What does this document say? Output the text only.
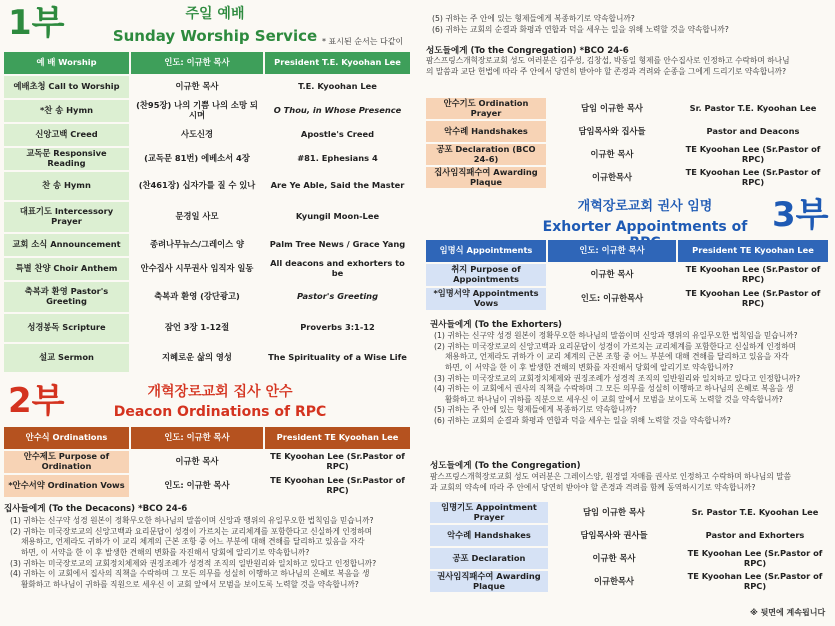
1부	주일 예배
Sunday Worship Service * 표시된 순서는 다같이
예 배 Worship	인도: 이규한 목사	President T.E. Kyoohan Lee
예배초청 Call to Worship	이규한 목사	T.E. Kyoohan Lee
*찬 송 Hymn	(찬95장) 나의 기쁨 나의 소망 되시며	O Thou, in Whose Presence
신앙고백 Creed	사도신경	Apostle's Creed
교독문 Responsive Reading	(교독문 81번) 에베소서 4장	#81. Ephesians 4
찬 송 Hymn	(찬461장) 십자가를 질 수 있나	Are Ye Able, Said the Master
대표기도 Intercessory Prayer	문경일 사모	Kyungil Moon-Lee
교회 소식 Announcement	종려나무뉴스/그레이스 양	Palm Tree News / Grace Yang
특별 찬양 Choir Anthem	안수집사 시무권사 임직자 일동	All deacons and exhorters to be
축복과 환영 Pastor's Greeting	축복과 환영 (강단광고)	Pastor's Greeting
성경봉독 Scripture	잠언 3장 1-12절	Proverbs 3:1-12
설교 Sermon	지혜로운 삶의 영성	The Spirituality of a Wise Life
2부	개혁장로교회 집사 안수
Deacon Ordinations of RPC
안수식 Ordinations	인도: 이규한 목사	President TE Kyoohan Lee
안수제도 Purpose of Ordination	이규한 목사	TE Kyoohan Lee (Sr.Pastor of RPC)
*안수서약 Ordination Vows	인도: 이규한 목사	TE Kyoohan Lee (Sr.Pastor of RPC)
집사들에게 (To the Decacons) *BCO 24-6

(1) 귀하는 신구약 성경 원본이 정확무오한 하나님의 말씀이며 신앙과 행위의 유일무오한 법칙임을 믿습니까?

(2) 귀하는 미국장로교의 신앙고백과 요리문답이 성경이 가르치는 교리체계를 포함한다고 신실하게 인정하며

채용하고, 언제라도 귀하가 이 교리 체계의 근본 조항 중 어느 부분에 대해 견해를 달리하고 있음을 자각

하면, 이 서약을 한 이 후 발생한 견해의 변화를 자진해서 당회에 알리기로 약속합니까?

(3) 귀하는 미국장로교의 교회정치체제와 권징조례가 성경적 조직의 일반원리와 일치하고 있다고 인정합니까?

(4) 귀하는 이 교회에서 집사의 직책을 수락하며 그 모든 의무를 성실히 이행하고 하나님의 은혜로 복음을 생

활화하고 하나님이 귀하를 직원으로 세우신 이 교회 앞에서 모범을 보이도록 노력할 것을 약속합니까?

(5) 귀하는 주 안에 있는 형제들에게 복종하기로 약속합니까?

(6) 귀하는 교회의 순결과 화평과 연합과 덕을 세우는 일을 위해 노력할 것을 약속합니까?

성도들에게 (To the Congregation) *BCO 24-6

팜스프링스개혁장로교회 성도 여러분은 김주성, 김창섭, 박동일 형제를 안수집사로 인정하고 수락하며 하나님

의 말씀과 교단 헌법에 따라 주 안에서 당연히 받아야 할 존경과 격려와 순종을 그에게 드리기로 약속합니까?

안수기도 Ordination Prayer	담임 이규한 목사	Sr. Pastor T.E. Kyoohan Lee
악수례 Handshakes	담임목사와 집사들	Pastor and Deacons
공포 Declaration (BCO 24-6)	이규한 목사	TE Kyoohan Lee (Sr.Pastor of RPC)
집사임직패수여 Awarding Plaque	이규한목사	TE Kyoohan Lee (Sr.Pastor of RPC)
개혁장로교회 권사 임명
Exhorter Appointments of 3부
임명식 Appointments	인도: 이규한 목사	President TE Kyoohan Lee
취지 Purpose of Appointments	이규한 목사	TE Kyoohan Lee (Sr.Pastor of RPC)
*임명서약 Appointments Vows	인도: 이규한목사	TE Kyoohan Lee (Sr.Pastor of RPC)
권사들에게 (To the Exhorters)

(1) 귀하는 신구약 성경 원본이 정확무오한 하나님의 말씀이며 신앙과 행위의 유일무오한 법칙임을 믿습니까?

(2) 귀하는 미국장로교의 신앙고백과 요리문답이 성경이 가르치는 교리체계를 포함한다고 신실하게 인정하며

채용하고, 언제라도 귀하가 이 교리 체계의 근본 조항 중 어느 부분에 대해 견해를 달리하고 있음을 자각

하면, 이 서약을 한 이 후 발생한 견해의 변화를 자진해서 당회에 알리기로 약속합니까?

(3) 귀하는 미국장로교의 교회정치체제와 권징조례가 성경적 조직의 일반원리와 일치하고 있다고 인정합니까?

(4) 귀하는 이 교회에서 권사의 직책을 수락하며 그 모든 의무를 성실히 이행하고 하나님의 은혜로 복음을 생

활화하고 하나님이 귀하를 직분으로 세우신 이 교회 앞에서 모범을 보이도록 노력할 것을 약속합니까?

(5) 귀하는 주 안에 있는 형제들에게 복종하기로 약속합니까?

(6) 귀하는 교회의 순결과 화평과 연합과 덕을 세우는 일을 위해 노력할 것을 약속합니까?

성도들에게 (To the Congregation)

팜스프링스개혁장로교회 성도 여러분은 그레이스양, 원경열 자매를 권사로 인정하고 수락하며 하나님의 말씀

과 교회의 약속에 따라 주 안에서 당연히 받아야 할 존경과 격려를 함께 동역하시기로 약속합니까?

임명기도 Appointment Prayer	담임 이규한 목사	Sr. Pastor T.E. Kyoohan Lee
악수례 Handshakes	담임목사와 권사들	Pastor and Exhorters
공포 Declaration	이규한 목사	TE Kyoohan Lee (Sr.Pastor of RPC)
권사임직패수여 Awarding Plaque	이규한목사	TE Kyoohan Lee (Sr.Pastor of RPC)
※ 뒷면에 계속됩니다
